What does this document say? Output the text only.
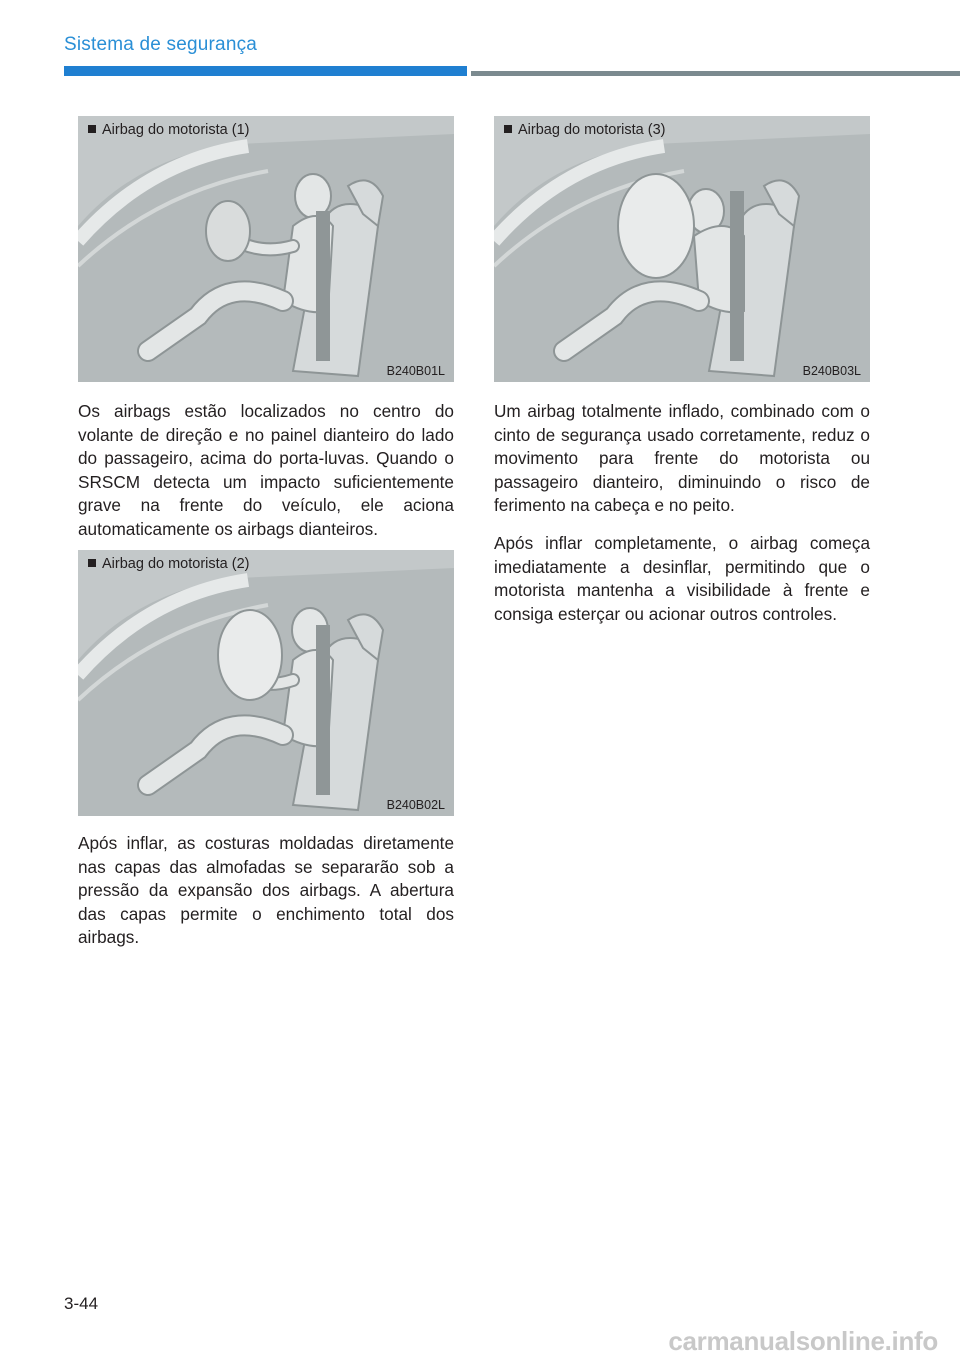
Sistema de segurança
Airbag do motorista (1)
B240B01L
Airbag do motorista (2)
B240B02L
Airbag do motorista (3)
B240B03L

Os airbags estão localizados no centro do volante de direção e no painel dianteiro do lado do passageiro, acima do porta-luvas. Quando o SRSCM detecta um impacto suficientemente grave na frente do veículo, ele aciona automaticamente os airbags dianteiros.

Após inflar, as costuras moldadas diretamente nas capas das almofadas se separarão sob a pressão da expansão dos airbags. A abertura das capas permite o enchimento total dos airbags.

Um airbag totalmente inflado, combinado com o cinto de segurança usado corretamente, reduz o movimento para frente do motorista ou passageiro dianteiro, diminuindo o risco de ferimento na cabeça e no peito.

Após inflar completamente, o airbag começa imediatamente a desinflar, permitindo que o motorista mantenha a visibilidade à frente e consiga esterçar ou acionar outros controles.

3-44
carmanualsonline.info
